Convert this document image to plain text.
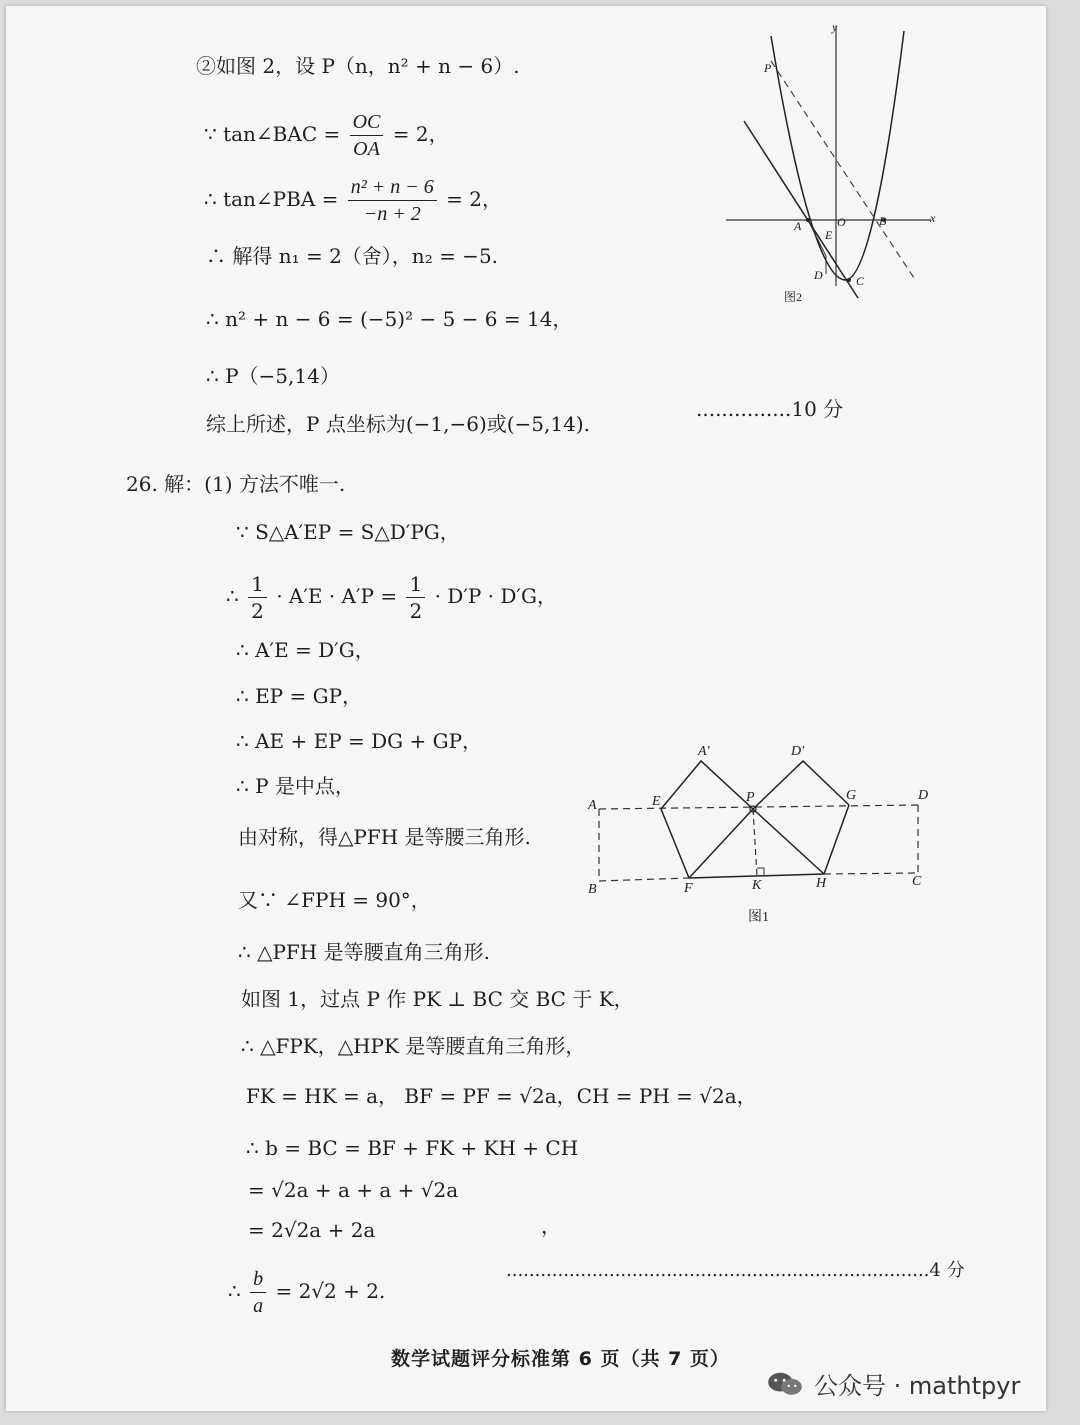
②如图 2，设 P（n，n² + n − 6）.
∵ tan∠BAC = $\frac{OC}{OA} = 2$，
∴ tan∠PBA = $\frac{\text{n² + n − 6}}{-n + 2} = 2$，
∴ 解得 n₁ = 2（舍），n₂ = −5.
∴ n² + n − 6 = (−5)² − 5 − 6 = 14，
∴ P（−5,14）
综上所述，P 点坐标为(−1,−6)或(−5,14).
...............10 分
y
x
P
A	O	B
E
D	C
图2
26. 解：(1) 方法不唯一.
∵ S△A′EP = S△D′PG，
∴ $\frac{1}{2} \cdot A'E \cdot A'P = \frac{1}{2} \cdot D'P \cdot D'G$，
∴ A′E = D′G，
∴ EP = GP，
∴ AE + EP = DG + GP，
∴ P 是中点，
由对称，得△PFH 是等腰三角形.
又∵ ∠FPH = 90°，
∴ △PFH 是等腰直角三角形.
如图 1，过点 P 作 PK ⊥ BC 交 BC 于 K，
∴ △FPK，△HPK 是等腰直角三角形，
FK = HK = a， BF = PF = √2a，CH = PH = √2a，
∴ b = BC = BF + FK + KH + CH
= √2a + a + a + √2a
= 2√2a + 2a	，
∴ $\frac{b}{a} = 2√2 + 2$.
..........................................................................4 分
A′	D′
A	E	P	G	D
B	F	K	H	C
图1
数学试题评分标准第 6 页（共 7 页）
公众号 · mathtpyr
